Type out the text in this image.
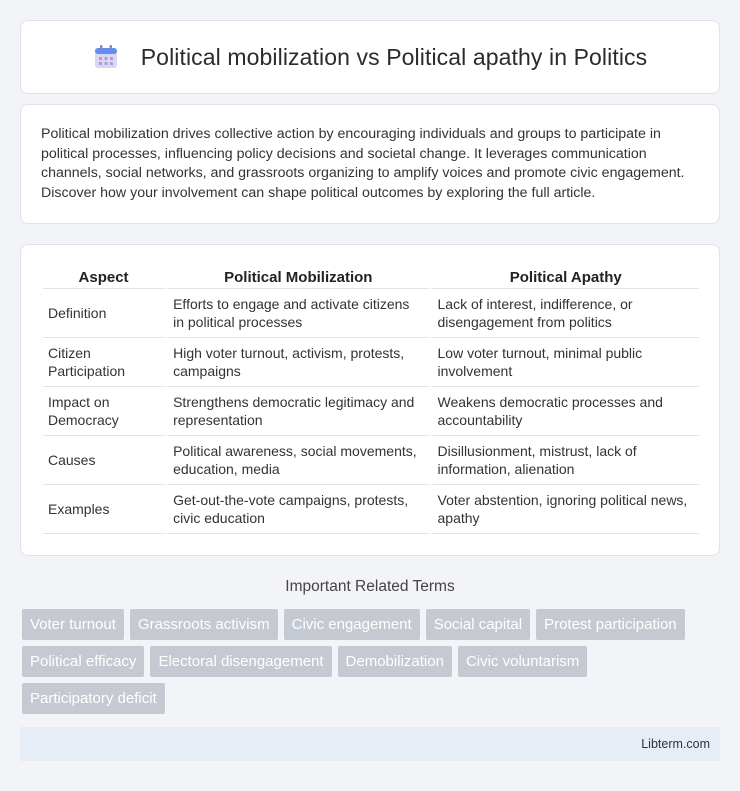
Political mobilization vs Political apathy in Politics

Political mobilization drives collective action by encouraging individuals and groups to participate in political processes, influencing policy decisions and societal change. It leverages communication channels, social networks, and grassroots organizing to amplify voices and promote civic engagement. Discover how your involvement can shape political outcomes by exploring the full article.

Aspect	Political Mobilization	Political Apathy
Definition	Efforts to engage and activate citizens in political processes	Lack of interest, indifference, or disengagement from politics
Citizen Participation	High voter turnout, activism, protests, campaigns	Low voter turnout, minimal public involvement
Impact on Democracy	Strengthens democratic legitimacy and representation	Weakens democratic processes and accountability
Causes	Political awareness, social movements, education, media	Disillusionment, mistrust, lack of information, alienation
Examples	Get-out-the-vote campaigns, protests, civic education	Voter abstention, ignoring political news, apathy
Important Related Terms
Voter turnout	Grassroots activism	Civic engagement	Social capital	Protest participation
Political efficacy	Electoral disengagement	Demobilization	Civic voluntarism
Participatory deficit
Libterm.com
